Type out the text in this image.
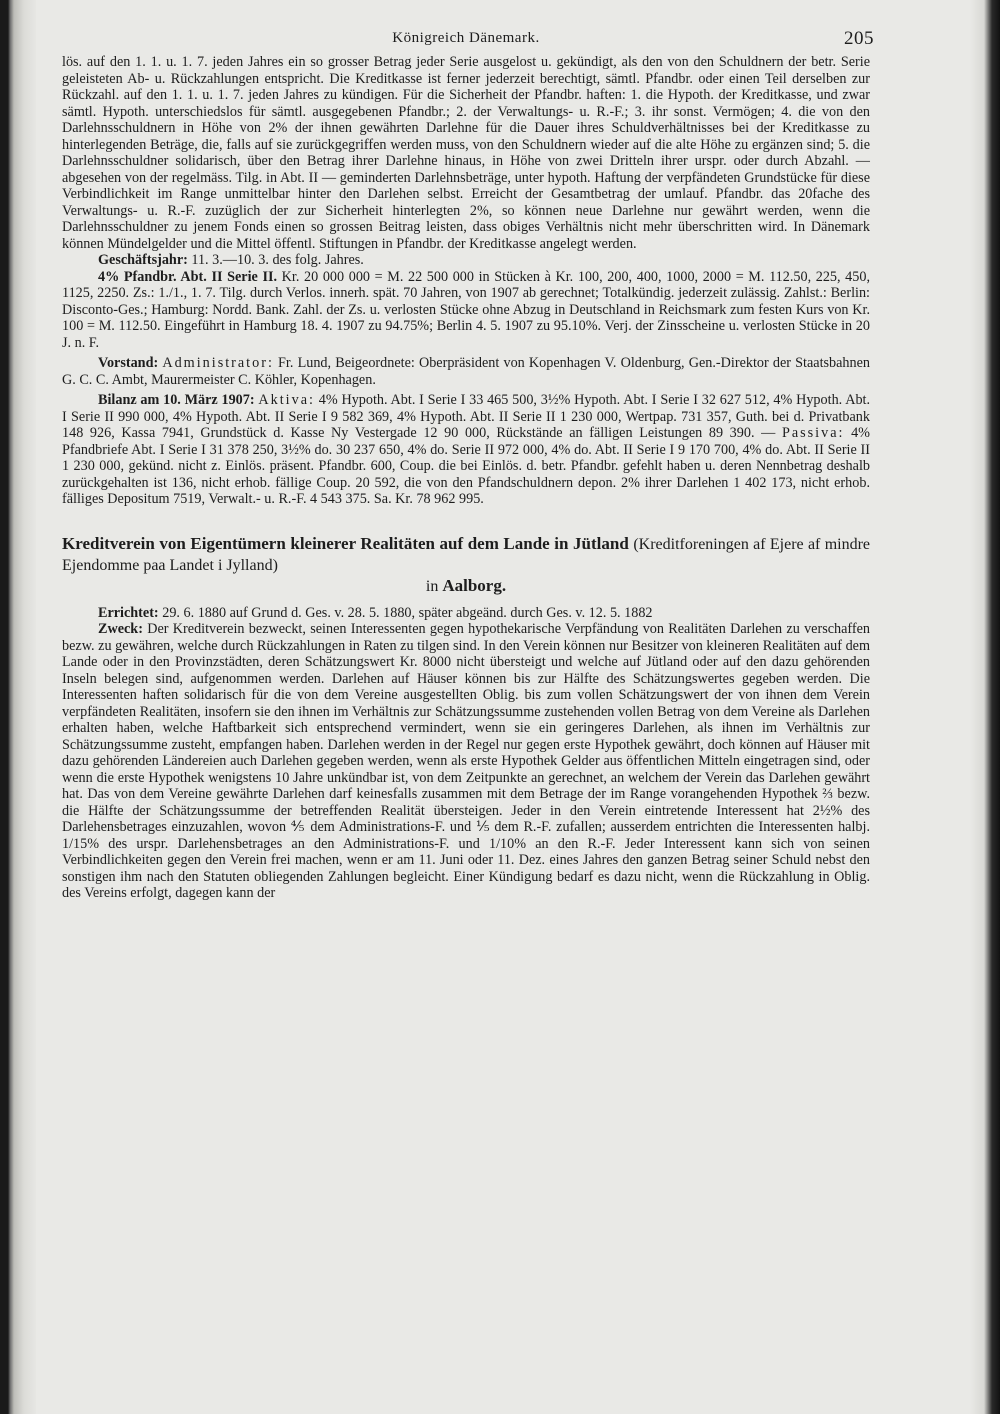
Königreich Dänemark.	205

lös. auf den 1. 1. u. 1. 7. jeden Jahres ein so grosser Betrag jeder Serie ausgelost u. gekündigt, als den von den Schuldnern der betr. Serie geleisteten Ab- u. Rückzahlungen entspricht. Die Kreditkasse ist ferner jederzeit berechtigt, sämtl. Pfandbr. oder einen Teil derselben zur Rückzahl. auf den 1. 1. u. 1. 7. jeden Jahres zu kündigen. Für die Sicherheit der Pfandbr. haften: 1. die Hypoth. der Kreditkasse, und zwar sämtl. Hypoth. unterschiedslos für sämtl. ausgegebenen Pfandbr.; 2. der Verwaltungs- u. R.-F.; 3. ihr sonst. Vermögen; 4. die von den Darlehnsschuldnern in Höhe von 2% der ihnen gewährten Darlehne für die Dauer ihres Schuldverhältnisses bei der Kreditkasse zu hinterlegenden Beträge, die, falls auf sie zurückgegriffen werden muss, von den Schuldnern wieder auf die alte Höhe zu ergänzen sind; 5. die Darlehnsschuldner solidarisch, über den Betrag ihrer Darlehne hinaus, in Höhe von zwei Dritteln ihrer urspr. oder durch Abzahl. — abgesehen von der regelmäss. Tilg. in Abt. II — geminderten Darlehnsbeträge, unter hypoth. Haftung der verpfändeten Grundstücke für diese Verbindlichkeit im Range unmittelbar hinter den Darlehen selbst. Erreicht der Gesamtbetrag der umlauf. Pfandbr. das 20fache des Verwaltungs- u. R.-F. zuzüglich der zur Sicherheit hinterlegten 2%, so können neue Darlehne nur gewährt werden, wenn die Darlehnsschuldner zu jenem Fonds einen so grossen Beitrag leisten, dass obiges Verhältnis nicht mehr überschritten wird. In Dänemark können Mündelgelder und die Mittel öffentl. Stiftungen in Pfandbr. der Kreditkasse angelegt werden.

Geschäftsjahr: 11. 3.—10. 3. des folg. Jahres.

4% Pfandbr. Abt. II Serie II. Kr. 20 000 000 = M. 22 500 000 in Stücken à Kr. 100, 200, 400, 1000, 2000 = M. 112.50, 225, 450, 1125, 2250. Zs.: 1./1., 1. 7. Tilg. durch Verlos. innerh. spät. 70 Jahren, von 1907 ab gerechnet; Totalkündig. jederzeit zulässig. Zahlst.: Berlin: Disconto-Ges.; Hamburg: Nordd. Bank. Zahl. der Zs. u. verlosten Stücke ohne Abzug in Deutschland in Reichsmark zum festen Kurs von Kr. 100 = M. 112.50. Eingeführt in Hamburg 18. 4. 1907 zu 94.75%; Berlin 4. 5. 1907 zu 95.10%. Verj. der Zinsscheine u. verlosten Stücke in 20 J. n. F.

Vorstand: Administrator: Fr. Lund, Beigeordnete: Oberpräsident von Kopenhagen V. Oldenburg, Gen.-Direktor der Staatsbahnen G. C. C. Ambt, Maurermeister C. Köhler, Kopenhagen.

Bilanz am 10. März 1907: Aktiva: 4% Hypoth. Abt. I Serie I 33 465 500, 3½% Hypoth. Abt. I Serie I 32 627 512, 4% Hypoth. Abt. I Serie II 990 000, 4% Hypoth. Abt. II Serie I 9 582 369, 4% Hypoth. Abt. II Serie II 1 230 000, Wertpap. 731 357, Guth. bei d. Privatbank 148 926, Kassa 7941, Grundstück d. Kasse Ny Vestergade 12 90 000, Rückstände an fälligen Leistungen 89 390. — Passiva: 4% Pfandbriefe Abt. I Serie I 31 378 250, 3½% do. 30 237 650, 4% do. Serie II 972 000, 4% do. Abt. II Serie I 9 170 700, 4% do. Abt. II Serie II 1 230 000, gekünd. nicht z. Einlös. präsent. Pfandbr. 600, Coup. die bei Einlös. d. betr. Pfandbr. gefehlt haben u. deren Nennbetrag deshalb zurückgehalten ist 136, nicht erhob. fällige Coup. 20 592, die von den Pfandschuldnern depon. 2% ihrer Darlehen 1 402 173, nicht erhob. fälliges Depositum 7519, Verwalt.- u. R.-F. 4 543 375. Sa. Kr. 78 962 995.

Kreditverein von Eigentümern kleinerer Realitäten auf dem Lande in Jütland (Kreditforeningen af Ejere af mindre Ejendomme paa Landet i Jylland)
in Aalborg.

Errichtet: 29. 6. 1880 auf Grund d. Ges. v. 28. 5. 1880, später abgeänd. durch Ges. v. 12. 5. 1882

Zweck: Der Kreditverein bezweckt, seinen Interessenten gegen hypothekarische Verpfändung von Realitäten Darlehen zu verschaffen bezw. zu gewähren, welche durch Rückzahlungen in Raten zu tilgen sind. In den Verein können nur Besitzer von kleineren Realitäten auf dem Lande oder in den Provinzstädten, deren Schätzungswert Kr. 8000 nicht übersteigt und welche auf Jütland oder auf den dazu gehörenden Inseln belegen sind, aufgenommen werden. Darlehen auf Häuser können bis zur Hälfte des Schätzungswertes gegeben werden. Die Interessenten haften solidarisch für die von dem Vereine ausgestellten Oblig. bis zum vollen Schätzungswert der von ihnen dem Verein verpfändeten Realitäten, insofern sie den ihnen im Verhältnis zur Schätzungssumme zustehenden vollen Betrag von dem Vereine als Darlehen erhalten haben, welche Haftbarkeit sich entsprechend vermindert, wenn sie ein geringeres Darlehen, als ihnen im Verhältnis zur Schätzungssumme zusteht, empfangen haben. Darlehen werden in der Regel nur gegen erste Hypothek gewährt, doch können auf Häuser mit dazu gehörenden Ländereien auch Darlehen gegeben werden, wenn als erste Hypothek Gelder aus öffentlichen Mitteln eingetragen sind, oder wenn die erste Hypothek wenigstens 10 Jahre unkündbar ist, von dem Zeitpunkte an gerechnet, an welchem der Verein das Darlehen gewährt hat. Das von dem Vereine gewährte Darlehen darf keinesfalls zusammen mit dem Betrage der im Range vorangehenden Hypothek ⅔ bezw. die Hälfte der Schätzungssumme der betreffenden Realität übersteigen. Jeder in den Verein eintretende Interessent hat 2½% des Darlehensbetrages einzuzahlen, wovon ⅘ dem Administrations-F. und ⅕ dem R.-F. zufallen; ausserdem entrichten die Interessenten halbj. 1/15% des urspr. Darlehensbetrages an den Administrations-F. und 1/10% an den R.-F. Jeder Interessent kann sich von seinen Verbindlichkeiten gegen den Verein frei machen, wenn er am 11. Juni oder 11. Dez. eines Jahres den ganzen Betrag seiner Schuld nebst den sonstigen ihm nach den Statuten obliegenden Zahlungen begleicht. Einer Kündigung bedarf es dazu nicht, wenn die Rückzahlung in Oblig. des Vereins erfolgt, dagegen kann der
